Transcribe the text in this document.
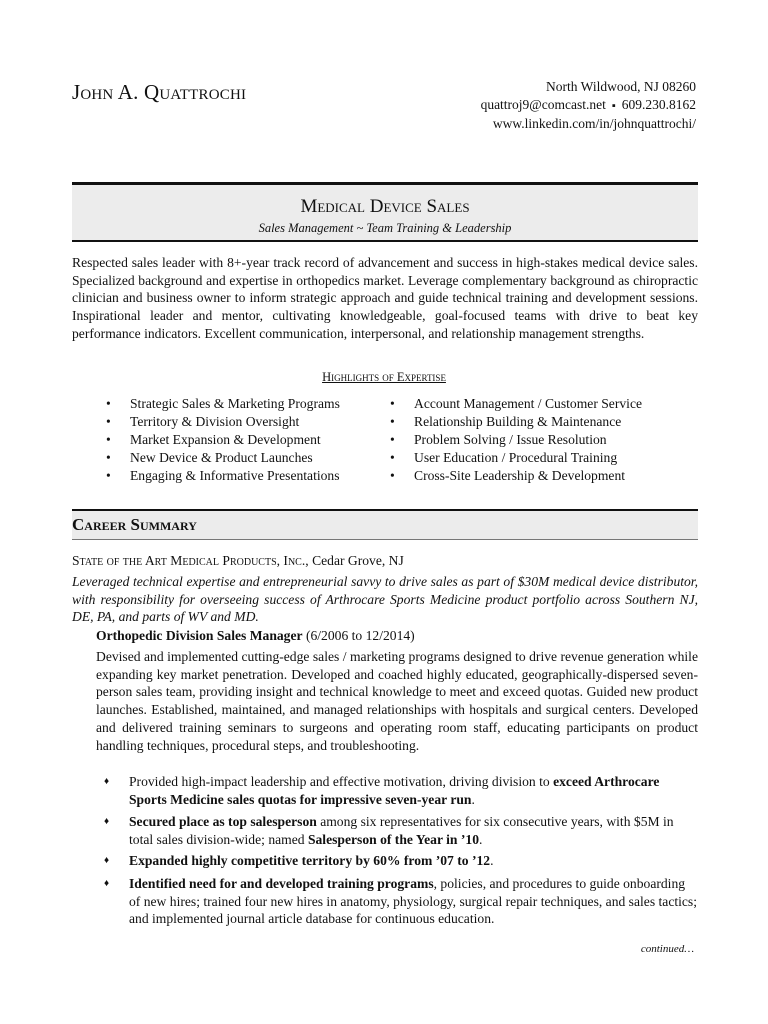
John A. Quattrochi	North Wildwood, NJ 08260
quattroj9@comcast.net ▪ 609.230.8162
www.linkedin.com/in/johnquattrochi/
Medical Device Sales
Sales Management ~ Team Training & Leadership
Respected sales leader with 8+-year track record of advancement and success in high-stakes medical device sales. Specialized background and expertise in orthopedics market. Leverage complementary background as chiropractic clinician and business owner to inform strategic approach and guide technical training and development sessions. Inspirational leader and mentor, cultivating knowledgeable, goal-focused teams with drive to beat key performance indicators. Excellent communication, interpersonal, and relationship management strengths.
Highlights of Expertise
• Strategic Sales & Marketing Programs
• Territory & Division Oversight
• Market Expansion & Development
• New Device & Product Launches
• Engaging & Informative Presentations
• Account Management / Customer Service
• Relationship Building & Maintenance
• Problem Solving / Issue Resolution
• User Education / Procedural Training
• Cross-Site Leadership & Development
Career Summary
State of the Art Medical Products, Inc., Cedar Grove, NJ
Leveraged technical expertise and entrepreneurial savvy to drive sales as part of $30M medical device distributor, with responsibility for overseeing success of Arthrocare Sports Medicine product portfolio across Southern NJ, DE, PA, and parts of WV and MD.
Orthopedic Division Sales Manager (6/2006 to 12/2014)
Devised and implemented cutting-edge sales / marketing programs designed to drive revenue generation while expanding key market penetration. Developed and coached highly educated, geographically-dispersed seven-person sales team, providing insight and technical knowledge to meet and exceed quotas. Guided new product launches. Established, maintained, and managed relationships with hospitals and surgical centers. Developed and delivered training seminars to surgeons and operating room staff, educating participants on product handling techniques, procedural steps, and troubleshooting.
♦ Provided high-impact leadership and effective motivation, driving division to exceed Arthrocare Sports Medicine sales quotas for impressive seven-year run.
♦ Secured place as top salesperson among six representatives for six consecutive years, with $5M in total sales division-wide; named Salesperson of the Year in ’10.
♦ Expanded highly competitive territory by 60% from ’07 to ’12.
♦ Identified need for and developed training programs, policies, and procedures to guide onboarding of new hires; trained four new hires in anatomy, physiology, surgical repair techniques, and sales tactics; and implemented journal article database for continuous education.
continued…
